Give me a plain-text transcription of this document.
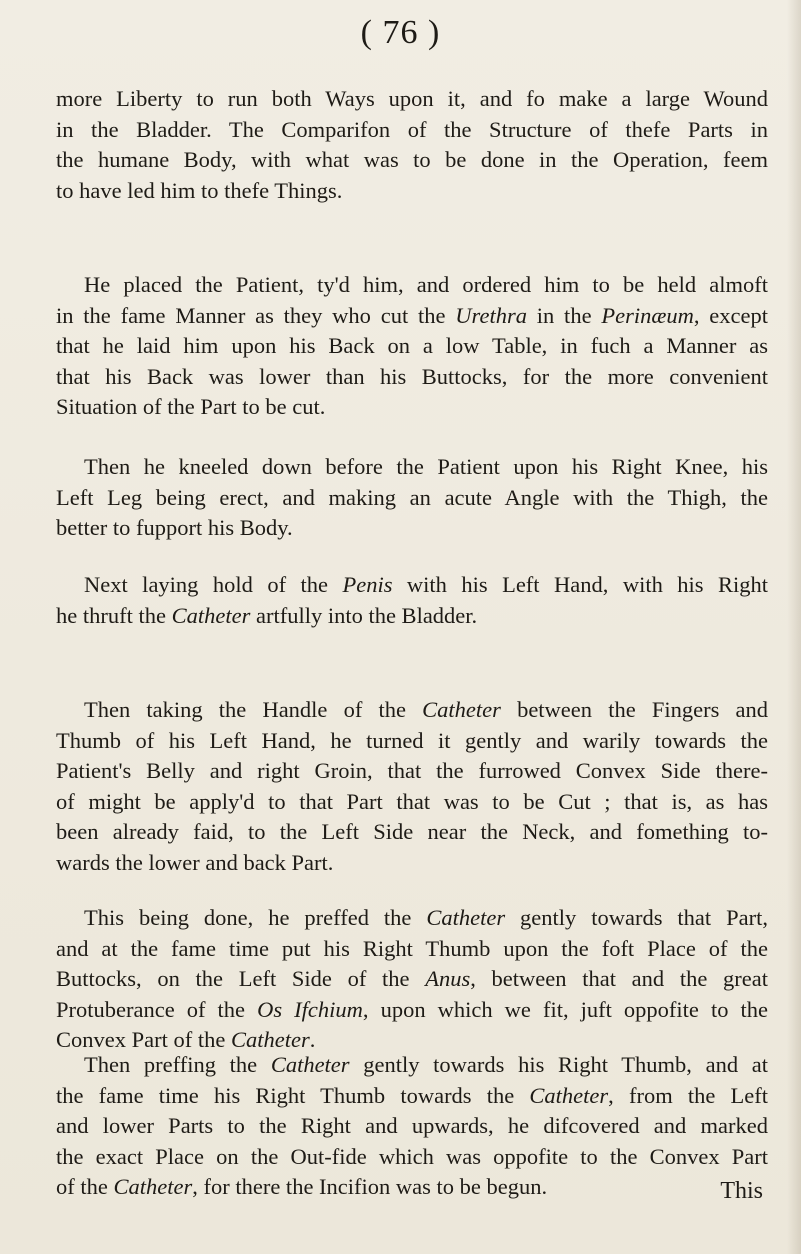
( 76 )

more Liberty to run both Ways upon it, and fo make a large Wound
in the Bladder. The Comparifon of the Structure of thefe Parts in
the humane Body, with what was to be done in the Operation, feem
to have led him to thefe Things.

He placed the Patient, ty'd him, and ordered him to be held almoft
in the fame Manner as they who cut the Urethra in the Perinæum, except
that he laid him upon his Back on a low Table, in fuch a Manner as
that his Back was lower than his Buttocks, for the more convenient
Situation of the Part to be cut.

Then he kneeled down before the Patient upon his Right Knee, his
Left Leg being erect, and making an acute Angle with the Thigh, the
better to fupport his Body.

Next laying hold of the Penis with his Left Hand, with his Right
he thruft the Catheter artfully into the Bladder.

Then taking the Handle of the Catheter between the Fingers and
Thumb of his Left Hand, he turned it gently and warily towards the
Patient's Belly and right Groin, that the furrowed Convex Side there-
of might be apply'd to that Part that was to be Cut ; that is, as has
been already faid, to the Left Side near the Neck, and fomething to-
wards the lower and back Part.

This being done, he preffed the Catheter gently towards that Part,
and at the fame time put his Right Thumb upon the foft Place of the
Buttocks, on the Left Side of the Anus, between that and the great
Protuberance of the Os Ifchium, upon which we fit, juft oppofite to the
Convex Part of the Catheter.

Then preffing the Catheter gently towards his Right Thumb, and at
the fame time his Right Thumb towards the Catheter, from the Left
and lower Parts to the Right and upwards, he difcovered and marked
the exact Place on the Out-fide which was oppofite to the Convex Part
of the Catheter, for there the Incifion was to be begun.	This
